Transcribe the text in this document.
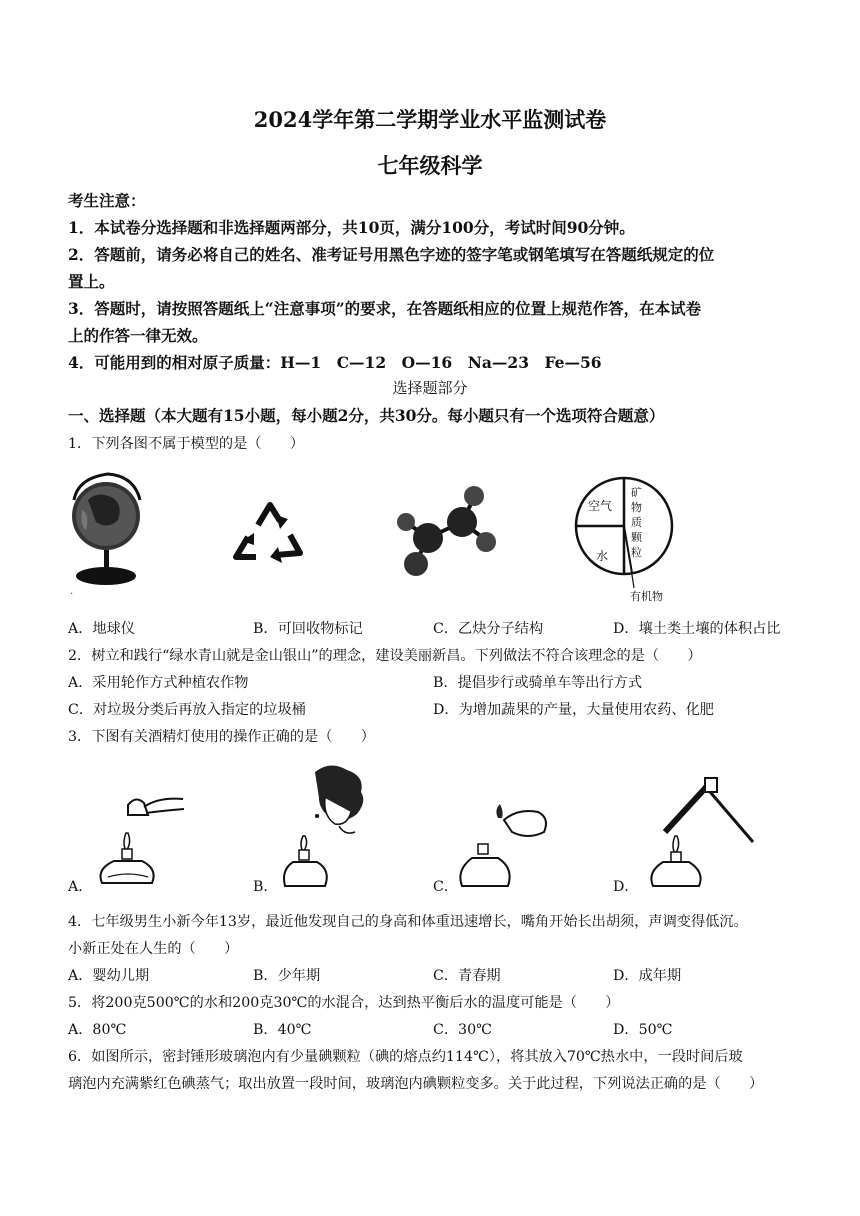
2024学年第二学期学业水平监测试卷
七年级科学
考生注意：
1．本试卷分选择题和非选择题两部分，共10页，满分100分，考试时间90分钟。
2．答题前，请务必将自己的姓名、准考证号用黑色字迹的签字笔或钢笔填写在答题纸规定的位
置上。
3．答题时，请按照答题纸上“注意事项”的要求，在答题纸相应的位置上规范作答，在本试卷
上的作答一律无效。
4．可能用到的相对原子质量：H—1　C—12　O—16　Na—23　Fe—56
选择题部分
一、选择题（本大题有15小题，每小题2分，共30分。每小题只有一个选项符合题意）
1．下列各图不属于模型的是（　　）
.
空气
水
矿
物
质
颗
粒
有机物
A．地球仪	B．可回收物标记	C．乙炔分子结构	D．壤土类土壤的体积占比
2．树立和践行“绿水青山就是金山银山”的理念，建设美丽新昌。下列做法不符合该理念的是（　　）
A．采用轮作方式种植农作物	B．提倡步行或骑单车等出行方式
C．对垃圾分类后再放入指定的垃圾桶	D．为增加蔬果的产量，大量使用农药、化肥
3．下图有关酒精灯使用的操作正确的是（　　）
A．	B．	C．	D．
4．七年级男生小新今年13岁，最近他发现自己的身高和体重迅速增长，嘴角开始长出胡须，声调变得低沉。
小新正处在人生的（　　）
A．婴幼儿期	B．少年期	C．青春期	D．成年期
5．将200克500℃的水和200克30℃的水混合，达到热平衡后水的温度可能是（　　）
A．80℃	B．40℃	C．30℃	D．50℃
6．如图所示，密封锤形玻璃泡内有少量碘颗粒（碘的熔点约114℃），将其放入70℃热水中，一段时间后玻
璃泡内充满紫红色碘蒸气；取出放置一段时间，玻璃泡内碘颗粒变多。关于此过程，下列说法正确的是（　　）
